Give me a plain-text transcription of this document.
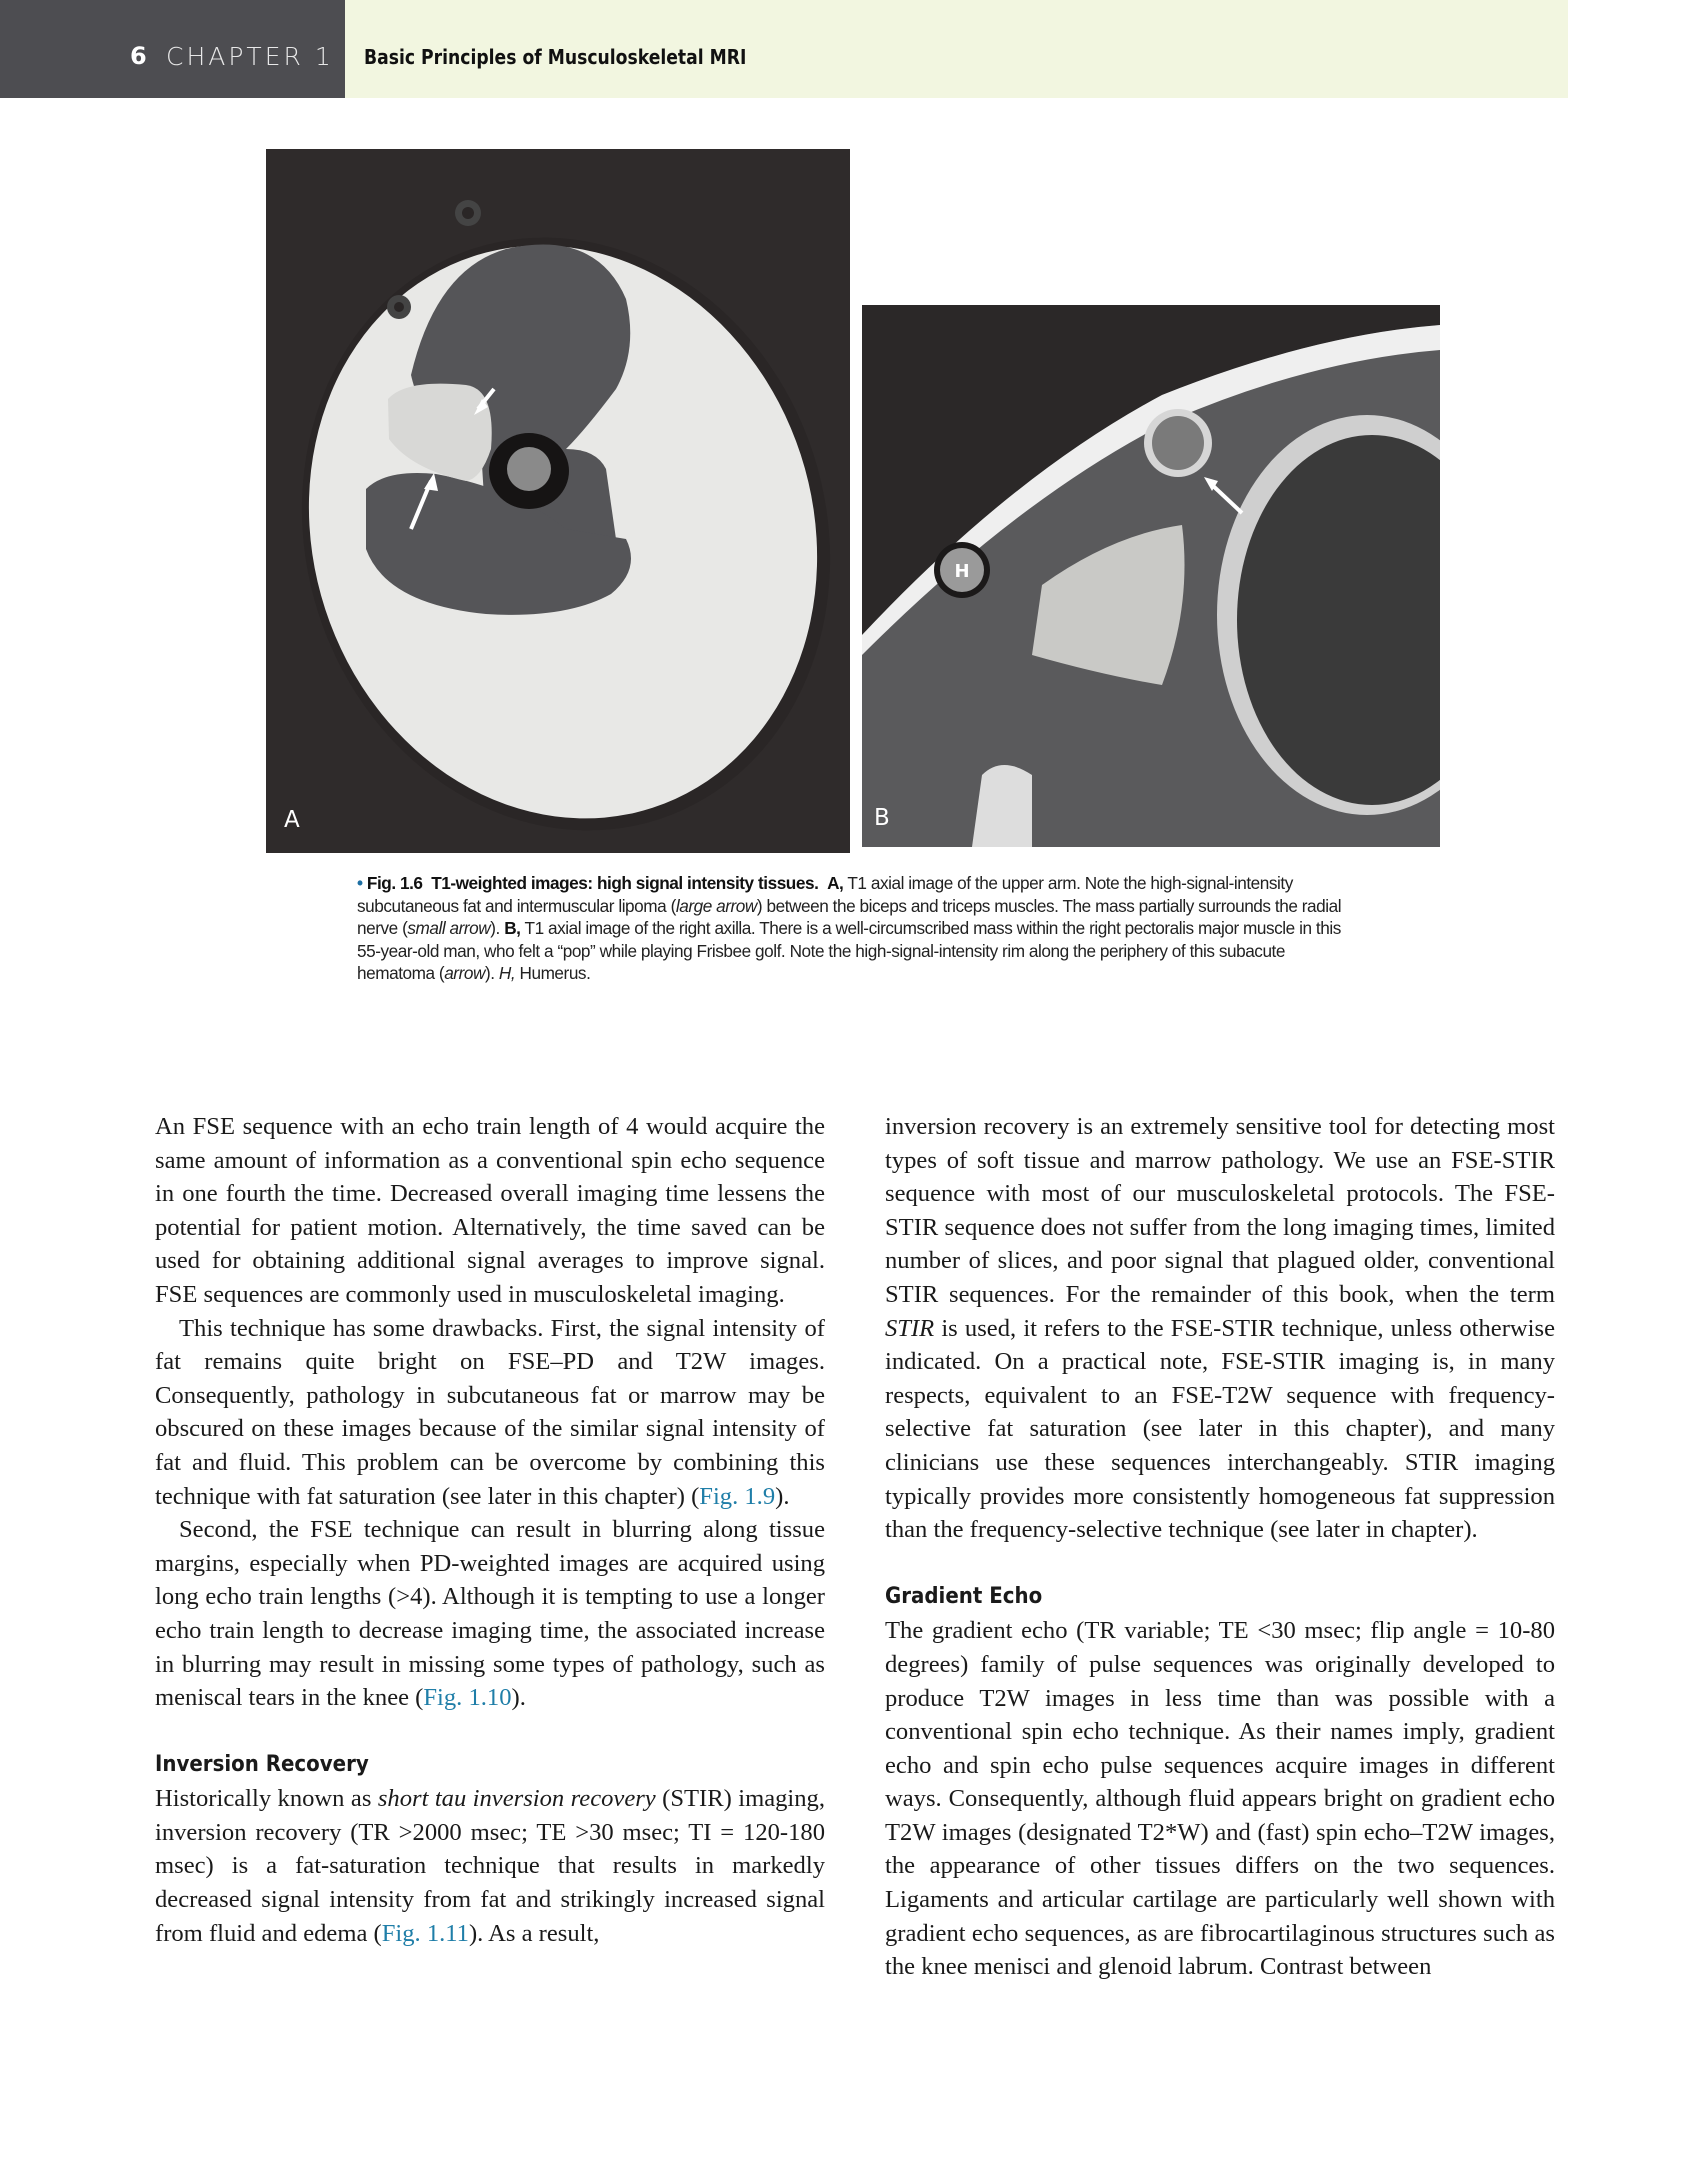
6 CHAPTER 1 Basic Principles of Musculoskeletal MRI
A
H
B
• Fig. 1.6 T1-weighted images: high signal intensity tissues. A, T1 axial image of the upper arm. Note the high-signal-intensity subcutaneous fat and intermuscular lipoma (large arrow) between the biceps and triceps muscles. The mass partially surrounds the radial nerve (small arrow). B, T1 axial image of the right axilla. There is a well-circumscribed mass within the right pectoralis major muscle in this 55-year-old man, who felt a “pop” while playing Frisbee golf. Note the high-signal-intensity rim along the periphery of this subacute hematoma (arrow). H, Humerus.

An FSE sequence with an echo train length of 4 would acquire the same amount of information as a conventional spin echo sequence in one fourth the time. Decreased overall imaging time lessens the potential for patient motion. Alternatively, the time saved can be used for obtaining additional signal averages to improve signal. FSE sequences are commonly used in musculoskeletal imaging.

This technique has some drawbacks. First, the signal intensity of fat remains quite bright on FSE–PD and T2W images. Consequently, pathology in subcutaneous fat or marrow may be obscured on these images because of the similar signal intensity of fat and fluid. This problem can be overcome by combining this technique with fat saturation (see later in this chapter) (Fig. 1.9).

Second, the FSE technique can result in blurring along tissue margins, especially when PD-weighted images are acquired using long echo train lengths (>4). Although it is tempting to use a longer echo train length to decrease imaging time, the associated increase in blurring may result in missing some types of pathology, such as meniscal tears in the knee (Fig. 1.10).

Inversion Recovery

Historically known as short tau inversion recovery (STIR) imaging, inversion recovery (TR >2000 msec; TE >30 msec; TI = 120-180 msec) is a fat-saturation technique that results in markedly decreased signal intensity from fat and strikingly increased signal from fluid and edema (Fig. 1.11). As a result,

inversion recovery is an extremely sensitive tool for detecting most types of soft tissue and marrow pathology. We use an FSE-STIR sequence with most of our musculoskeletal protocols. The FSE-STIR sequence does not suffer from the long imaging times, limited number of slices, and poor signal that plagued older, conventional STIR sequences. For the remainder of this book, when the term STIR is used, it refers to the FSE-STIR technique, unless otherwise indicated. On a practical note, FSE-STIR imaging is, in many respects, equivalent to an FSE-T2W sequence with frequency-selective fat saturation (see later in this chapter), and many clinicians use these sequences interchangeably. STIR imaging typically provides more consistently homogeneous fat suppression than the frequency-selective technique (see later in chapter).

Gradient Echo

The gradient echo (TR variable; TE <30 msec; flip angle = 10-80 degrees) family of pulse sequences was originally developed to produce T2W images in less time than was possible with a conventional spin echo technique. As their names imply, gradient echo and spin echo pulse sequences acquire images in different ways. Consequently, although fluid appears bright on gradient echo T2W images (designated T2*W) and (fast) spin echo–T2W images, the appearance of other tissues differs on the two sequences. Ligaments and articular cartilage are particularly well shown with gradient echo sequences, as are fibrocartilaginous structures such as the knee menisci and glenoid labrum. Contrast between
